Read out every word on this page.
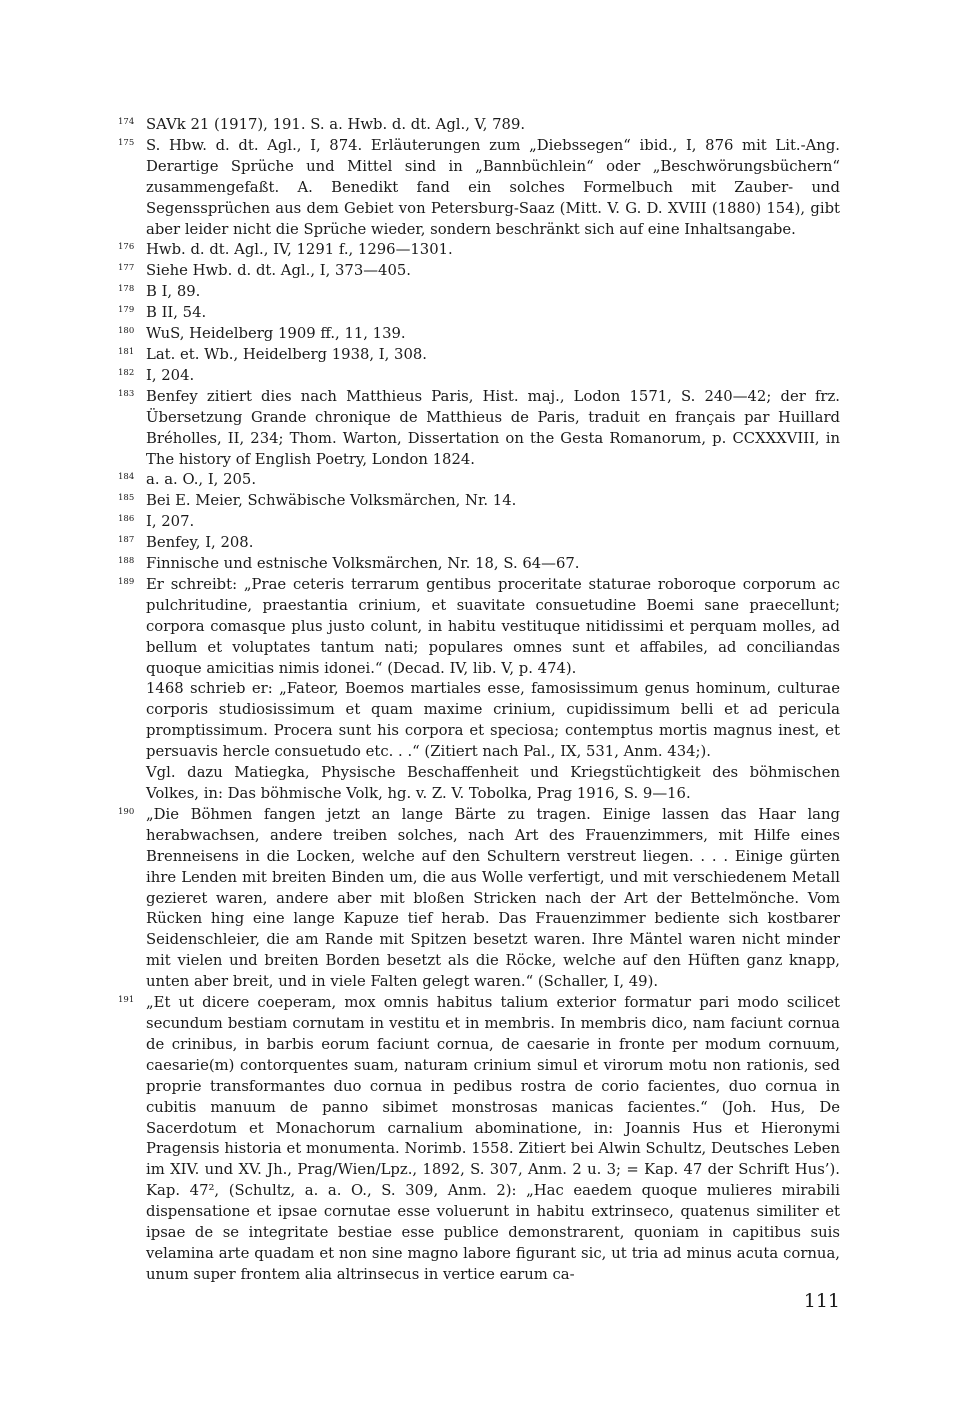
174 SAVk 21 (1917), 191. S. a. Hwb. d. dt. Agl., V, 789.

175 S. Hbw. d. dt. Agl., I, 874. Erläuterungen zum „Diebssegen“ ibid., I, 876 mit Lit.-Ang. Derartige Sprüche und Mittel sind in „Bannbüchlein“ oder „Beschwörungsbüchern“ zusammengefaßt. A. Benedikt fand ein solches Formelbuch mit Zauber- und Segenssprüchen aus dem Gebiet von Petersburg-Saaz (Mitt. V. G. D. XVIII (1880) 154), gibt aber leider nicht die Sprüche wieder, sondern beschränkt sich auf eine Inhaltsangabe.

176 Hwb. d. dt. Agl., IV, 1291 f., 1296—1301.

177 Siehe Hwb. d. dt. Agl., I, 373—405.

178 B I, 89.

179 B II, 54.

180 WuS, Heidelberg 1909 ff., 11, 139.

181 Lat. et. Wb., Heidelberg 1938, I, 308.

182 I, 204.

183 Benfey zitiert dies nach Matthieus Paris, Hist. maj., Lodon 1571, S. 240—42; der frz. Übersetzung Grande chronique de Matthieus de Paris, traduit en français par Huillard Bréholles, II, 234; Thom. Warton, Dissertation on the Gesta Romanorum, p. CCXXXVIII, in The history of English Poetry, London 1824.

184 a. a. O., I, 205.

185 Bei E. Meier, Schwäbische Volksmärchen, Nr. 14.

186 I, 207.

187 Benfey, I, 208.

188 Finnische und estnische Volksmärchen, Nr. 18, S. 64—67.

189 Er schreibt: „Prae ceteris terrarum gentibus proceritate staturae roboroque corporum ac pulchritudine, praestantia crinium, et suavitate consuetudine Boemi sane praecellunt; corpora comasque plus justo colunt, in habitu vestituque nitidissimi et perquam molles, ad bellum et voluptates tantum nati; populares omnes sunt et affabiles, ad conciliandas quoque amicitias nimis idonei.“ (Decad. IV, lib. V, p. 474).

1468 schrieb er: „Fateor, Boemos martiales esse, famosissimum genus hominum, culturae corporis studiosissimum et quam maxime crinium, cupidissimum belli et ad pericula promptissimum. Procera sunt his corpora et speciosa; contemptus mortis magnus inest, et persuavis hercle consuetudo etc. . .“ (Zitiert nach Pal., IX, 531, Anm. 434;).

Vgl. dazu Matiegka, Physische Beschaffenheit und Kriegstüchtigkeit des böhmischen Volkes, in: Das böhmische Volk, hg. v. Z. V. Tobolka, Prag 1916, S. 9—16.

190 „Die Böhmen fangen jetzt an lange Bärte zu tragen. Einige lassen das Haar lang herabwachsen, andere treiben solches, nach Art des Frauenzimmers, mit Hilfe eines Brenneisens in die Locken, welche auf den Schultern verstreut liegen. . . . Einige gürten ihre Lenden mit breiten Binden um, die aus Wolle verfertigt, und mit verschiedenem Metall gezieret waren, andere aber mit bloßen Stricken nach der Art der Bettelmönche. Vom Rücken hing eine lange Kapuze tief herab. Das Frauenzimmer bediente sich kostbarer Seidenschleier, die am Rande mit Spitzen besetzt waren. Ihre Mäntel waren nicht minder mit vielen und breiten Borden besetzt als die Röcke, welche auf den Hüften ganz knapp, unten aber breit, und in viele Falten gelegt waren.“ (Schaller, I, 49).

191 „Et ut dicere coeperam, mox omnis habitus talium exterior formatur pari modo scilicet secundum bestiam cornutam in vestitu et in membris. In membris dico, nam faciunt cornua de crinibus, in barbis eorum faciunt cornua, de caesarie in fronte per modum cornuum, caesarie(m) contorquentes suam, naturam crinium simul et virorum motu non rationis, sed proprie transformantes duo cornua in pedibus rostra de corio facientes, duo cornua in cubitis manuum de panno sibimet monstrosas manicas facientes.“ (Joh. Hus, De Sacerdotum et Monachorum carnalium abominatione, in: Joannis Hus et Hieronymi Pragensis historia et monumenta. Norimb. 1558. Zitiert bei Alwin Schultz, Deutsches Leben im XIV. und XV. Jh., Prag/Wien/Lpz., 1892, S. 307, Anm. 2 u. 3; = Kap. 47 der Schrift Hus’). Kap. 47², (Schultz, a. a. O., S. 309, Anm. 2): „Hac eaedem quoque mulieres mirabili dispensatione et ipsae cornutae esse voluerunt in habitu extrinseco, quatenus similiter et ipsae de se integritate bestiae esse publice demonstrarent, quoniam in capitibus suis velamina arte quadam et non sine magno labore figurant sic, ut tria ad minus acuta cornua, unum super frontem alia altrinsecus in vertice earum ca-

111
